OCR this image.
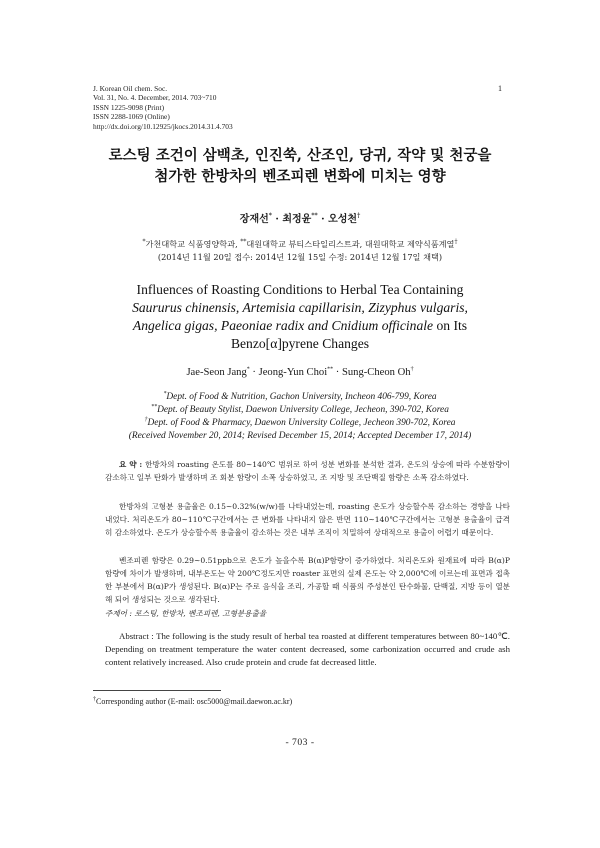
J. Korean Oil chem. Soc.
Vol. 31, No. 4. December, 2014. 703~710
ISSN 1225-9098 (Print)
ISSN 2288-1069 (Online)
http://dx.doi.org/10.12925/jkocs.2014.31.4.703
1
로스팅 조건이 삼백초, 인진쑥, 산조인, 당귀, 작약 및 천궁을
첨가한 한방차의 벤조피렌 변화에 미치는 영향
장재선* · 최정윤** · 오성천†
*가천대학교 식품영양학과, **대원대학교 뷰티스타일리스트과, 대원대학교 제약식품계열†
(2014년 11월 20일 접수: 2014년 12월 15일 수정: 2014년 12월 17일 채택)
Influences of Roasting Conditions to Herbal Tea Containing
Saururus chinensis, Artemisia capillarisin, Zizyphus vulgaris,
Angelica gigas, Paeoniae radix and Cnidium officinale on Its
Benzo[α]pyrene Changes
Jae-Seon Jang* · Jeong-Yun Choi** · Sung-Cheon Oh†
*Dept. of Food & Nutrition, Gachon University, Incheon 406-799, Korea
**Dept. of Beauty Stylist, Daewon University College, Jecheon, 390-702, Korea
†Dept. of Food & Pharmacy, Daewon University College, Jecheon 390-702, Korea
(Received November 20, 2014; Revised December 15, 2014; Accepted December 17, 2014)
요 약 : 한방차의 roasting 온도를 80~140℃ 범위로 하여 성분 변화를 분석한 결과, 온도의 상승에 따라 수분함량이 감소하고 일부 탄화가 발생하며 조 회분 함량이 소폭 상승하였고, 조 지방 및 조단백질 함량은 소폭 감소하였다.
한방차의 고형분 용출율은 0.15~0.32%(w/w)를 나타내었는데, roasting 온도가 상승할수록 감소하는 경향을 나타내었다. 처리온도가 80~110℃구간에서는 큰 변화를 나타내지 않은 반면 110~140℃구간에서는 고형분 용출율이 급격히 감소하였다. 온도가 상승할수록 용출율이 감소하는 것은 내부 조직이 치밀하여 상대적으로 용출이 어렵기 때문이다.
벤조피렌 함량은 0.29~0.51ppb으로 온도가 높을수록 B(α)P함량이 증가하였다. 처리온도와 원재료에 따라 B(α)P 함량에 차이가 발생하며, 내부온도는 약 200℃정도지만 roaster 표면의 실제 온도는 약 2,000℃에 이르는데 표면과 접촉한 부분에서 B(α)P가 생성된다. B(α)P는 주로 음식을 조리, 가공할 때 식품의 주성분인 탄수화물, 단백질, 지방 등이 열분해 되어 생성되는 것으로 생각된다.
주제어 : 로스팅, 한방차, 벤조피렌, 고형분용출율
Abstract : The following is the study result of herbal tea roasted at different temperatures between 80~140℃. Depending on treatment temperature the water content decreased, some carbonization occurred and crude ash content relatively increased. Also crude protein and crude fat decreased little.
†Corresponding author (E-mail: osc5000@mail.daewon.ac.kr)
- 703 -
